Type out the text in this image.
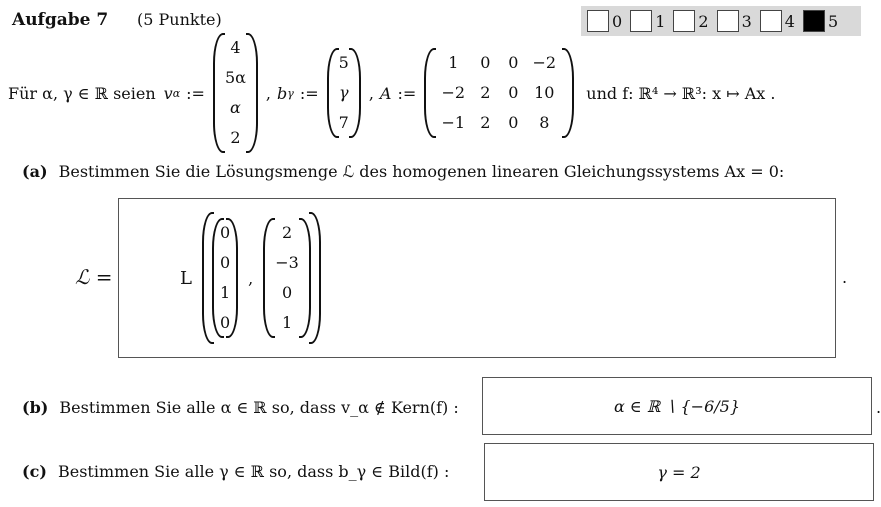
Aufgabe 7 (5 Punkte)	0 1 2 3 4 5
Für α, γ ∈ ℝ seien v α :=
4
5α
α
2
, b γ :=
5
γ
7
, A :=
1	0	0 −2
−2 2	0 10
−1 2	0	8
und f: ℝ⁴ → ℝ³: x ↦ Ax .
(a) Bestimmen Sie die Lösungsmenge ℒ des homogenen linearen Gleichungssystems Ax = 0:
ℒ =	L
0
0
1
0
,
2
−3
0
1
.
(b) Bestimmen Sie alle α ∈ ℝ so, dass v_α ∉ Kern(f) :	α ∈ ℝ ∖ {−6/5}	.
(c) Bestimmen Sie alle γ ∈ ℝ so, dass b_γ ∈ Bild(f) :	γ = 2
